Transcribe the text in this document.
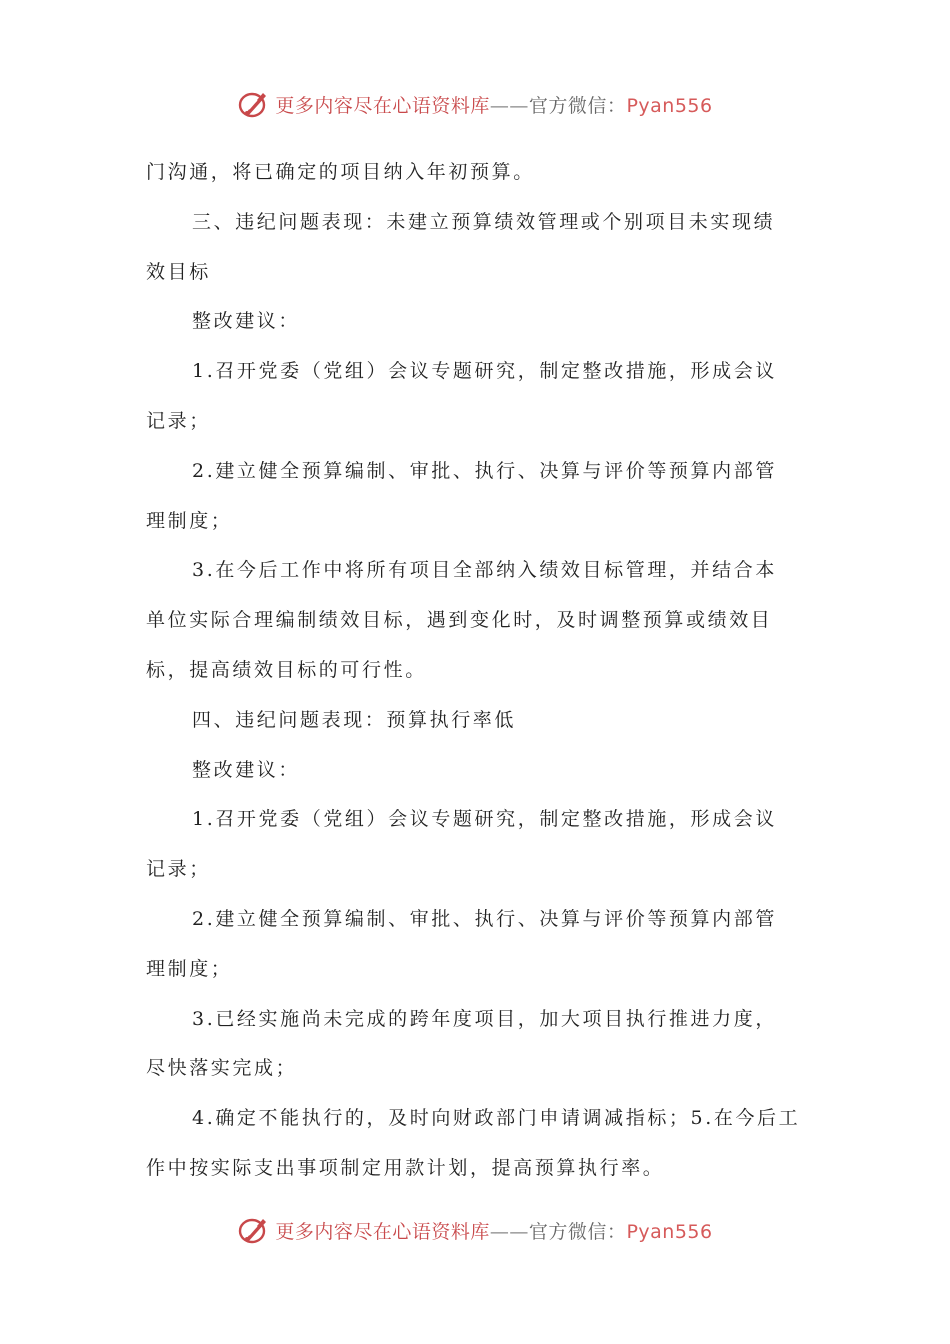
更多内容尽在心语资料库——官方微信：Pyan556
门沟通，将已确定的项目纳入年初预算。
三、违纪问题表现：未建立预算绩效管理或个别项目未实现绩
效目标
整改建议：
1.召开党委（党组）会议专题研究，制定整改措施，形成会议
记录；
2.建立健全预算编制、审批、执行、决算与评价等预算内部管
理制度；
3.在今后工作中将所有项目全部纳入绩效目标管理，并结合本
单位实际合理编制绩效目标，遇到变化时，及时调整预算或绩效目
标，提高绩效目标的可行性。
四、违纪问题表现：预算执行率低
整改建议：
1.召开党委（党组）会议专题研究，制定整改措施，形成会议
记录；
2.建立健全预算编制、审批、执行、决算与评价等预算内部管
理制度；
3.已经实施尚未完成的跨年度项目，加大项目执行推进力度，
尽快落实完成；
4.确定不能执行的，及时向财政部门申请调减指标；5.在今后工
作中按实际支出事项制定用款计划，提高预算执行率。
更多内容尽在心语资料库——官方微信：Pyan556
